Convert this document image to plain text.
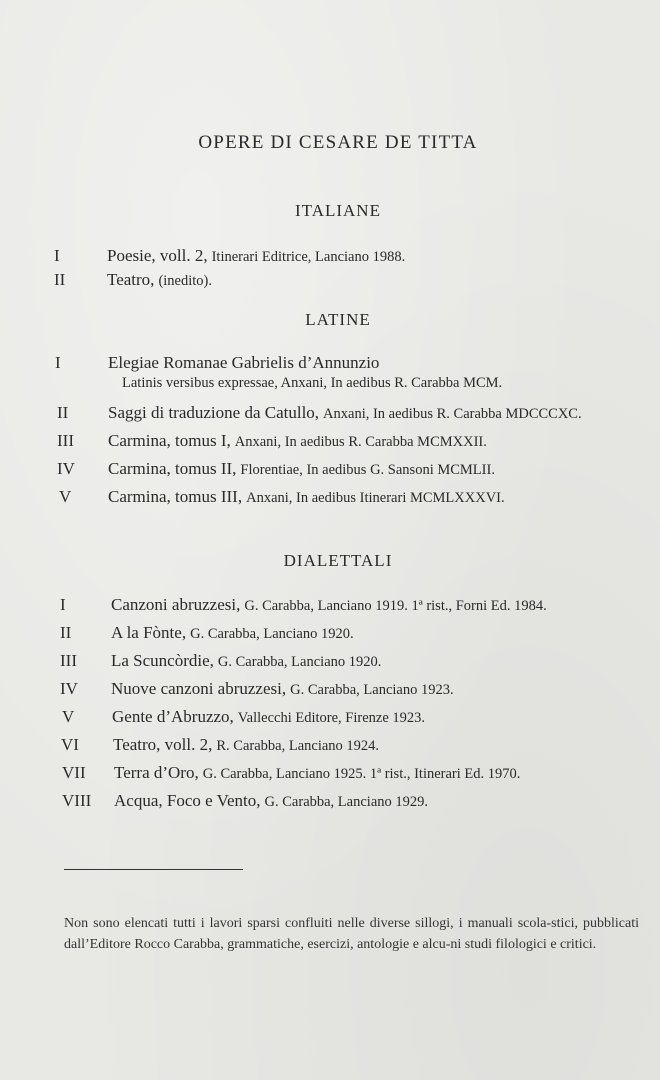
OPERE DI CESARE DE TITTA
ITALIANE
I	Poesie, voll. 2, Itinerari Editrice, Lanciano 1988.
II Teatro, (inedito).
LATINE
I	Elegiae Romanae Gabrielis d’Annunzio
Latinis versibus expressae, Anxani, In aedibus R. Carabba MCM.
II Saggi di traduzione da Catullo, Anxani, In aedibus R. Carabba MDCCCXC.
III Carmina, tomus I, Anxani, In aedibus R. Carabba MCMXXII.
IV Carmina, tomus II, Florentiae, In aedibus G. Sansoni MCMLII.
V Carmina, tomus III, Anxani, In aedibus Itinerari MCMLXXXVI.
DIALETTALI
I	Canzoni abruzzesi, G. Carabba, Lanciano 1919. 1ª rist., Forni Ed. 1984.
II A la Fònte, G. Carabba, Lanciano 1920.
III La Scuncòrdie, G. Carabba, Lanciano 1920.
IV Nuove canzoni abruzzesi, G. Carabba, Lanciano 1923.
V Gente d’Abruzzo, Vallecchi Editore, Firenze 1923.
VI Teatro, voll. 2, R. Carabba, Lanciano 1924.
VII Terra d’Oro, G. Carabba, Lanciano 1925. 1ª rist., Itinerari Ed. 1970.
VIII Acqua, Foco e Vento, G. Carabba, Lanciano 1929.
Non sono elencati tutti i lavori sparsi confluiti nelle diverse sillogi, i manuali scola-stici, pubblicati dall’Editore Rocco Carabba, grammatiche, esercizi, antologie e alcu-ni studi filologici e critici.
